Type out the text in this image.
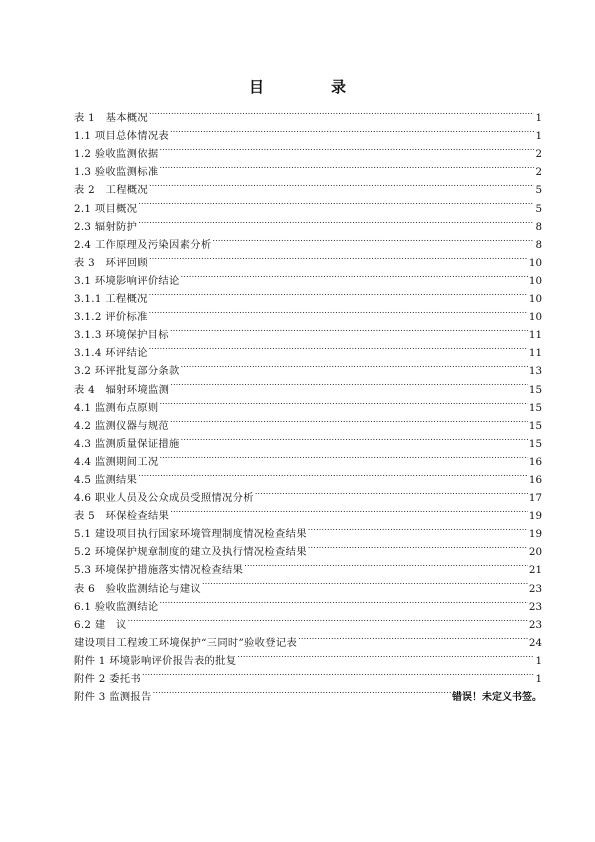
目　录
表 1　基本概况 .....	1
1.1 项目总体情况表 .....	1
1.2 验收监测依据 .....	2
1.3 验收监测标准 .....	2
表 2　工程概况 .....	5
2.1 项目概况 .....	5
2.3 辐射防护 .....	8
2.4 工作原理及污染因素分析 .....	8
表 3　环评回顾 .....	10
3.1 环境影响评价结论 .....	10
3.1.1 工程概况 .....	10
3.1.2 评价标准 .....	10
3.1.3 环境保护目标 .....	11
3.1.4 环评结论 .....	11
3.2 环评批复部分条款 .....	13
表 4　辐射环境监测 .....	15
4.1 监测布点原则 .....	15
4.2 监测仪器与规范 .....	15
4.3 监测质量保证措施 .....	15
4.4 监测期间工况 .....	16
4.5 监测结果 .....	16
4.6 职业人员及公众成员受照情况分析 .....	17
表 5　环保检查结果 .....	19
5.1 建设项目执行国家环境管理制度情况检查结果 .....	19
5.2 环境保护规章制度的建立及执行情况检查结果 .....	20
5.3 环境保护措施落实情况检查结果 .....	21
表 6　验收监测结论与建议 .....	23
6.1 验收监测结论 .....	23
6.2 建　议 .....	23
建设项目工程竣工环境保护“三同时”验收登记表 .....	24
附件 1 环境影响评价报告表的批复 .....	1
附件 2 委托书 .....	1
附件 3 监测报告 .....	错误！未定义书签。
